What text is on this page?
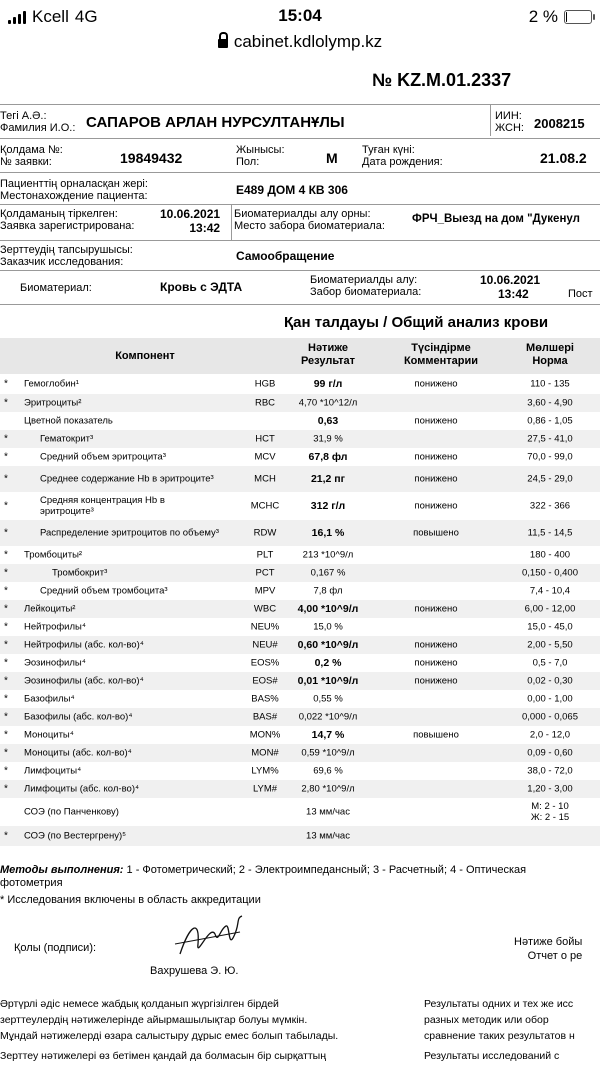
Kcell 4G	15:04	2 %
cabinet.kdlolymp.kz
№ KZ.M.01.2337
Тегі А.Ә.:
Фамилия И.О.: САПАРОВ АРЛАН НУРСУЛТАНҰЛЫ	ИИН:
ЖСН: 2008215
Қолдама №:
№ заявки:	19849432	Жынысы:
Пол:	М Туған күні:
Дата рождения:	21.08.2
Пациенттің орналасқан жері:
Местонахождение пациента:	Е489 ДОМ 4 КВ 306
Қолдаманың тіркелген:
Заявка зарегистрирована:
10.06.2021
13:42
Биоматериалды алу орны:
Место забора биоматериала:
ФРЧ_Выезд на дом "Дукенул
Зерттеудің тапсырушысы:
Заказчик исследования:	Самообращение
Биоматериал:	Кровь с ЭДТА	Биоматериалды алу:
Забор биоматериала:
10.06.2021
13:42	Пост
Қан талдауы / Общий анализ крови
Компонент
Нәтиже
Результат
Түсіндірме
Комментарии
Мөлшері
Норма
* Гемоглобин¹	HGB	99 г/л	понижено	110 - 135
* Эритроциты²	RBC	4,70 *10^12/л	3,60 - 4,90
Цветной показатель	0,63	понижено	0,86 - 1,05
*	Гематокрит³	HCT	31,9 %	27,5 - 41,0
*	Средний объем эритроцита³	MCV	67,8 фл	понижено	70,0 - 99,0
*	Среднее содержание Hb в эритроците³	MCH	21,2 пг	понижено	24,5 - 29,0
*	Средняя концентрация Hb в эритроците³	MCHC	312 г/л	понижено	322 - 366
*	Распределение эритроцитов по объему³	RDW	16,1 %	повышено	11,5 - 14,5
* Тромбоциты²	PLT	213 *10^9/л	180 - 400
*	Тромбокрит³	PCT	0,167 %	0,150 - 0,400
*	Средний объем тромбоцита³	MPV	7,8 фл	7,4 - 10,4
* Лейкоциты²	WBC	4,00 *10^9/л	понижено	6,00 - 12,00
* Нейтрофилы⁴	NEU%	15,0 %	15,0 - 45,0
* Нейтрофилы (абс. кол-во)⁴	NEU#	0,60 *10^9/л	понижено	2,00 - 5,50
* Эозинофилы⁴	EOS%	0,2 %	понижено	0,5 - 7,0
* Эозинофилы (абс. кол-во)⁴	EOS#	0,01 *10^9/л	понижено	0,02 - 0,30
* Базофилы⁴	BAS%	0,55 %	0,00 - 1,00
* Базофилы (абс. кол-во)⁴	BAS#	0,022 *10^9/л	0,000 - 0,065
* Моноциты⁴	MON%	14,7 %	повышено	2,0 - 12,0
* Моноциты (абс. кол-во)⁴	MON#	0,59 *10^9/л	0,09 - 0,60
* Лимфоциты⁴	LYM%	69,6 %	38,0 - 72,0
* Лимфоциты (абс. кол-во)⁴	LYM#	2,80 *10^9/л	1,20 - 3,00
СОЭ (по Панченкову)	13 мм/час	М: 2 - 10
Ж: 2 - 15
* СОЭ (по Вестергрену)⁵	13 мм/час
Методы выполнения: 1 - Фотометрический; 2 - Электроимпедансный; 3 - Расчетный; 4 - Оптическая
фотометрия
* Исследования включены в область аккредитации
Қолы (подписи):
Вахрушева Э. Ю.
Нәтиже бойы
Отчет о ре
Әртүрлі әдіс немесе жабдық қолданып жүргізілген бірдей
зерттеулердің нәтижелерінде айырмашылықтар болуы мүмкін.
Мұндай нәтижелерді өзара салыстыру дұрыс емес болып табылады.
Зерттеу нәтижелері өз бетімен қандай да болмасын бір сырқаттың
Результаты одних и тех же исс
разных методик или обор
сравнение таких результатов н
Результаты исследований с
